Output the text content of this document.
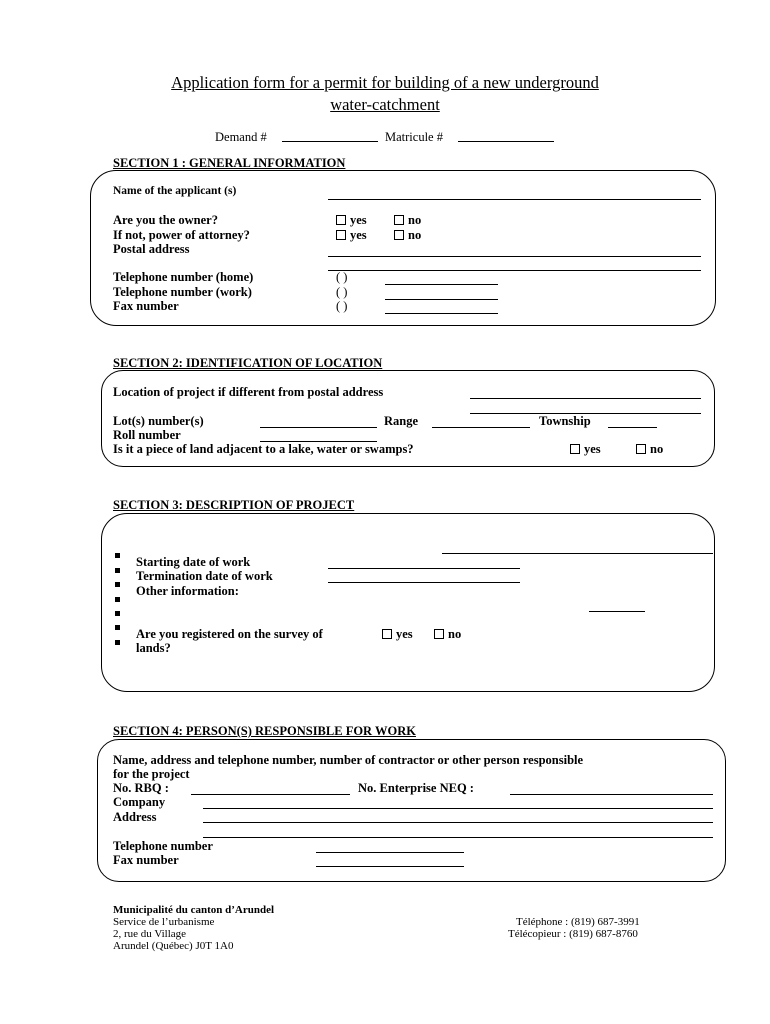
Application form for a permit for building of a new underground
water-catchment
Demand #	Matricule #
SECTION 1 : GENERAL INFORMATION
Name of the applicant (s)
Are you the owner?	yes	no
If not, power of attorney?	yes	no
Postal address
Telephone number (home)	( )
Telephone number (work)	( )
Fax number	( )
SECTION 2: IDENTIFICATION OF LOCATION
Location of project if different from postal address
Lot(s) number(s)	Range	Township
Roll number
Is it a piece of land adjacent to a lake, water or swamps?	yes	no
SECTION 3: DESCRIPTION OF PROJECT
Starting date of work
Termination date of work
Other information:
Are you registered on the survey of
lands?
yes	no
SECTION 4: PERSON(S) RESPONSIBLE FOR WORK
Name, address and telephone number, number of contractor or other person responsible
for the project
No. RBQ :	No. Enterprise NEQ :
Company
Address
Telephone number
Fax number
Municipalité du canton d’Arundel
Service de l’urbanisme
2, rue du Village
Arundel (Québec) J0T 1A0
Téléphone : (819) 687-3991
Télécopieur : (819) 687-8760
